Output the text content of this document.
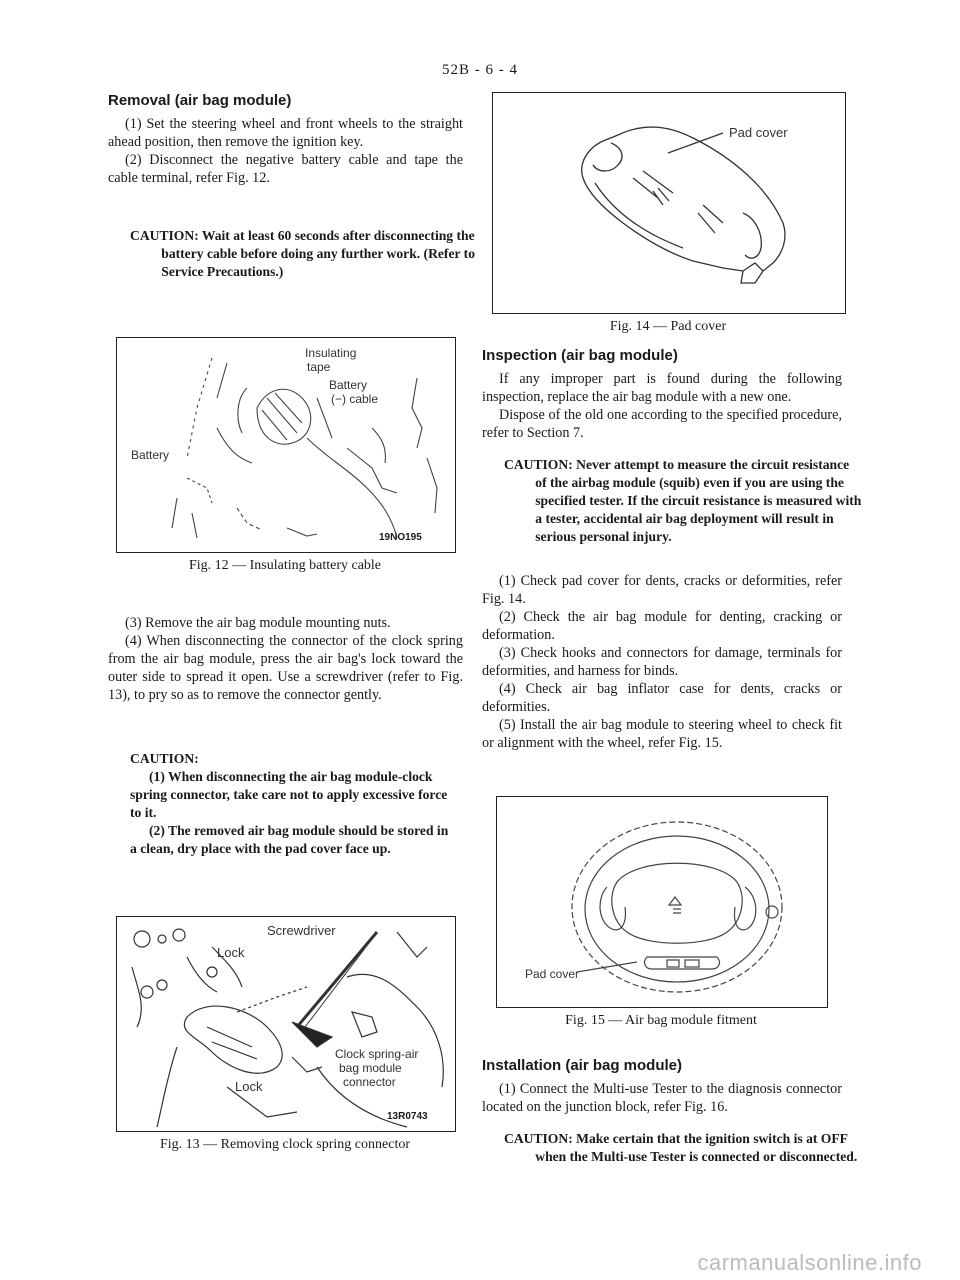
52B - 6 - 4
Removal (air bag module)

(1) Set the steering wheel and front wheels to the straight ahead position, then remove the ignition key.

(2) Disconnect the negative battery cable and tape the cable terminal, refer Fig. 12.

CAUTION: Wait at least 60 seconds after disconnecting the battery cable before doing any further work. (Refer to Service Precautions.)

Insulating
tape
Battery
(−) cable
Battery
19NO195
Fig. 12 — Insulating battery cable

(3) Remove the air bag module mounting nuts.

(4) When disconnecting the connector of the clock spring from the air bag module, press the air bag's lock toward the outer side to spread it open. Use a screwdriver (refer to Fig. 13), to pry so as to remove the connector gently.

CAUTION:

(1) When disconnecting the air bag module-clock spring connector, take care not to apply excessive force to it.

(2) The removed air bag module should be stored in a clean, dry place with the pad cover face up.

Screwdriver
Lock
Clock spring-air
bag module
connector
Lock
13R0743
Fig. 13 — Removing clock spring connector
Pad cover
Fig. 14 — Pad cover
Inspection (air bag module)

If any improper part is found during the following inspection, replace the air bag module with a new one.

Dispose of the old one according to the specified procedure, refer to Section 7.

CAUTION: Never attempt to measure the circuit resistance of the airbag module (squib) even if you are using the specified tester. If the circuit resistance is measured with a tester, accidental air bag deployment will result in serious personal injury.

(1) Check pad cover for dents, cracks or deformities, refer Fig. 14.

(2) Check the air bag module for denting, cracking or deformation.

(3) Check hooks and connectors for damage, terminals for deformities, and harness for binds.

(4) Check air bag inflator case for dents, cracks or deformities.

(5) Install the air bag module to steering wheel to check fit or alignment with the wheel, refer Fig. 15.

Pad cover
Fig. 15 — Air bag module fitment
Installation (air bag module)

(1) Connect the Multi-use Tester to the diagnosis connector located on the junction block, refer Fig. 16.

CAUTION: Make certain that the ignition switch is at OFF when the Multi-use Tester is connected or disconnected.

carmanualsonline.info
